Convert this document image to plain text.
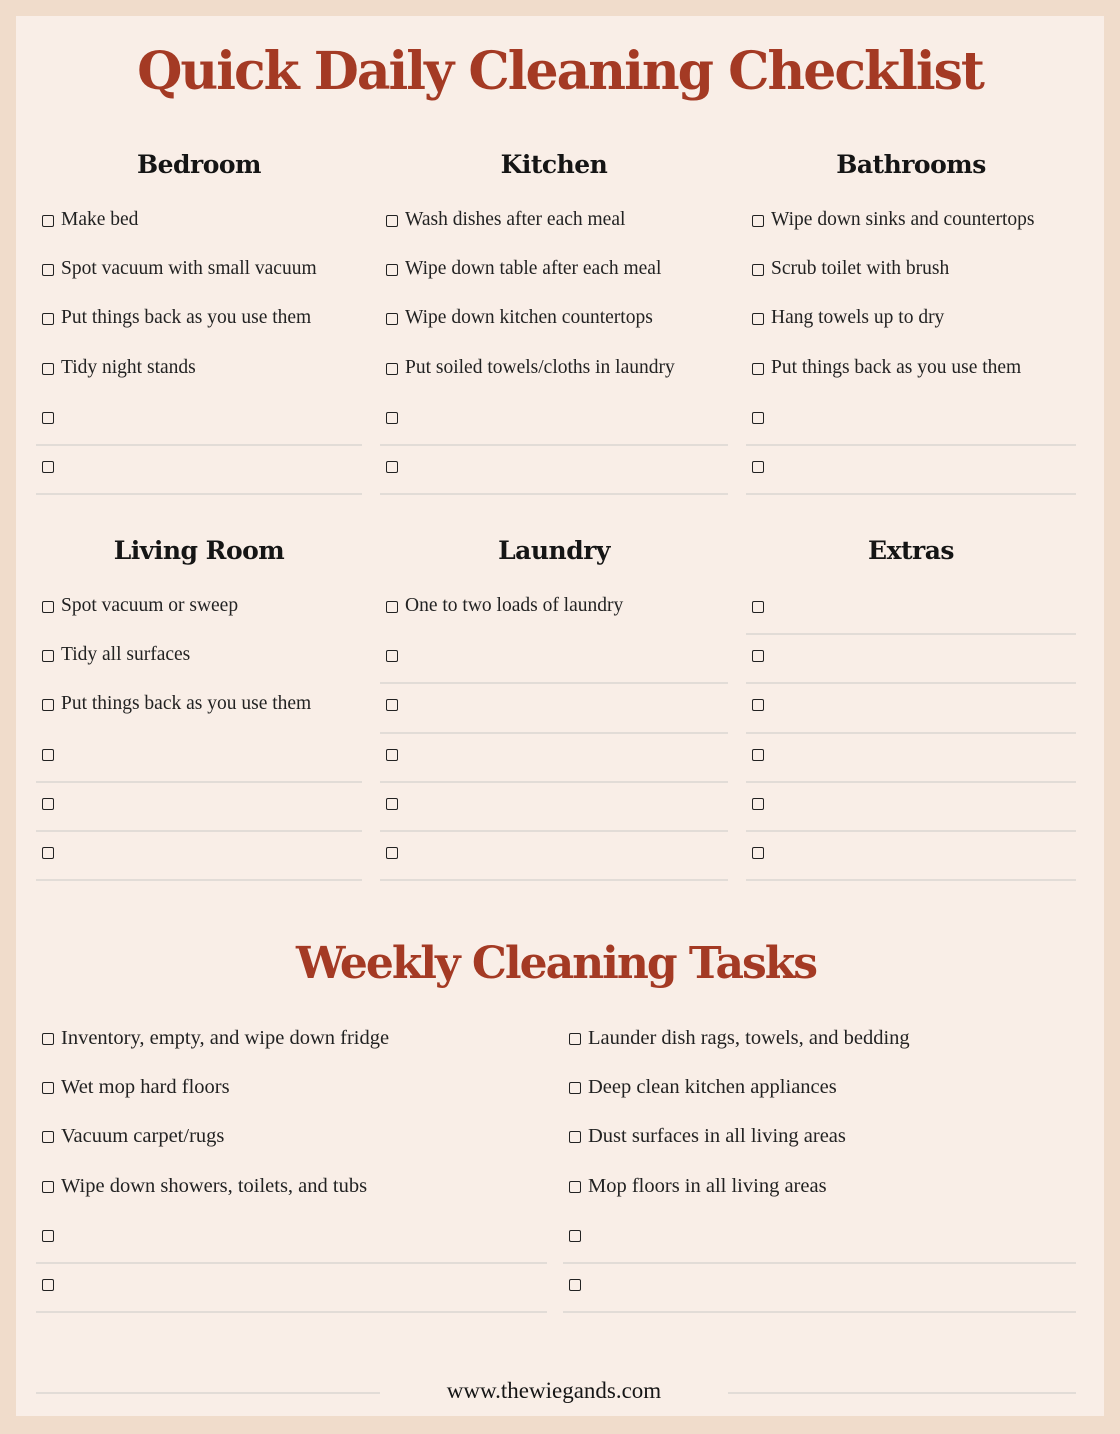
Quick Daily Cleaning Checklist
Bedroom
Make bed
Spot vacuum with small vacuum
Put things back as you use them
Tidy night stands
Kitchen
Wash dishes after each meal
Wipe down table after each meal
Wipe down kitchen countertops
Put soiled towels/cloths in laundry
Bathrooms
Wipe down sinks and countertops
Scrub toilet with brush
Hang towels up to dry
Put things back as you use them
Living Room
Spot vacuum or sweep
Tidy all surfaces
Put things back as you use them
Laundry
One to two loads of laundry
Extras
Weekly Cleaning Tasks
Inventory, empty, and wipe down fridge
Wet mop hard floors
Vacuum carpet/rugs
Wipe down showers, toilets, and tubs
Launder dish rags, towels, and bedding
Deep clean kitchen appliances
Dust surfaces in all living areas
Mop floors in all living areas
www.thewiegands.com
